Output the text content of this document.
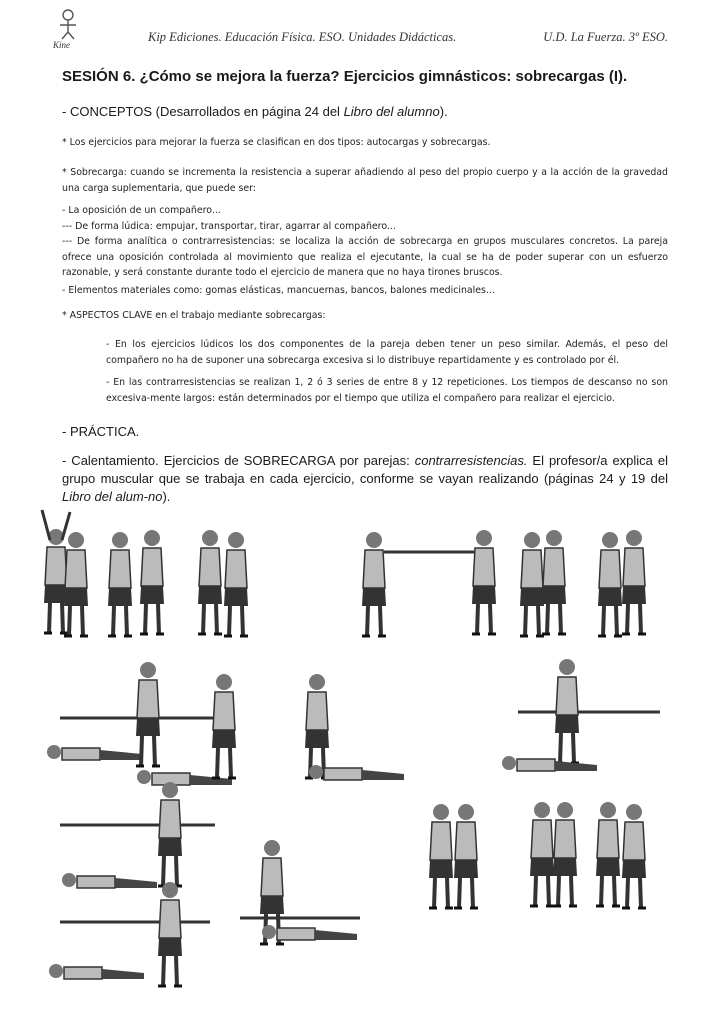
Kine
Kip Ediciones. Educación Física. ESO. Unidades Didácticas.	U.D. La Fuerza. 3º ESO.
SESIÓN 6. ¿Cómo se mejora la fuerza? Ejercicios gimnásticos: sobrecargas (I).
- CONCEPTOS (Desarrollados en página 24 del Libro del alumno).
* Los ejercicios para mejorar la fuerza se clasifican en dos tipos: autocargas y sobrecargas.
* Sobrecarga: cuando se incrementa la resistencia a superar añadiendo al peso del propio cuerpo y a la acción de la gravedad una carga suplementaria, que puede ser:
- La oposición de un compañero...
--- De forma lúdica: empujar, transportar, tirar, agarrar al compañero...
--- De forma analítica o contrarresistencias: se localiza la acción de sobrecarga en grupos musculares concretos. La pareja ofrece una oposición controlada al movimiento que realiza el ejecutante, la cual se ha de poder superar con un esfuerzo razonable, y será constante durante todo el ejercicio de manera que no haya tirones bruscos.
- Elementos materiales como: gomas elásticas, mancuernas, bancos, balones medicinales...
* ASPECTOS CLAVE en el trabajo mediante sobrecargas:
- En los ejercicios lúdicos los dos componentes de la pareja deben tener un peso similar. Además, el peso del compañero no ha de suponer una sobrecarga excesiva si lo distribuye repartidamente y es controlado por él.
- En las contrarresistencias se realizan 1, 2 ó 3 series de entre 8 y 12 repeticiones. Los tiempos de descanso no son excesiva-mente largos: están determinados por el tiempo que utiliza el compañero para realizar el ejercicio.
- PRÁCTICA.
- Calentamiento. Ejercicios de SOBRECARGA por parejas: contrarresistencias. El profesor/a explica el grupo muscular que se trabaja en cada ejercicio, conforme se vayan realizando (páginas 24 y 19 del Libro del alum-no).
